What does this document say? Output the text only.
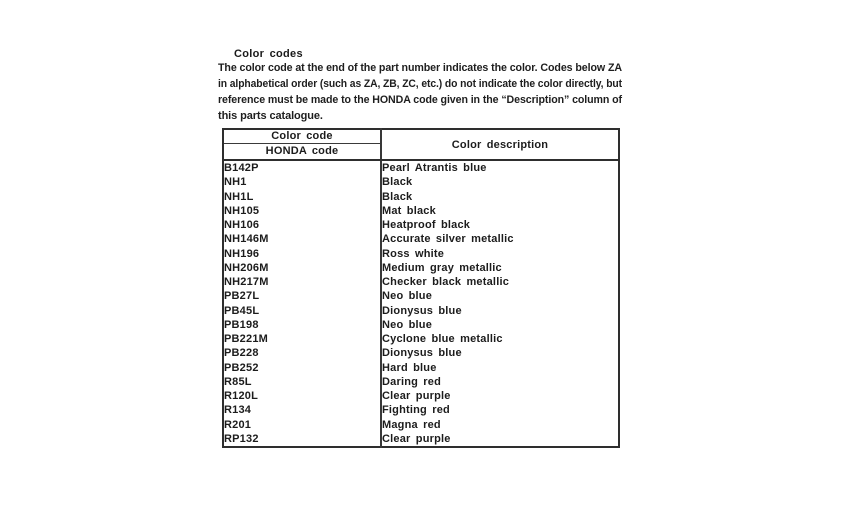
Color codes
The color code at the end of the part number indicates the color. Codes below ZA
in alphabetical order (such as ZA, ZB, ZC, etc.) do not indicate the color directly, but
reference must be made to the HONDA code given in the “Description” column of
this parts catalogue.
Color code	Color description
HONDA code	
B142P	Pearl Atrantis blue
NH1	Black
NH1L	Black
NH105	Mat black
NH106	Heatproof black
NH146M	Accurate silver metallic
NH196	Ross white
NH206M	Medium gray metallic
NH217M	Checker black metallic
PB27L	Neo blue
PB45L	Dionysus blue
PB198	Neo blue
PB221M	Cyclone blue metallic
PB228	Dionysus blue
PB252	Hard blue
R85L	Daring red
R120L	Clear purple
R134	Fighting red
R201	Magna red
RP132	Clear purple
